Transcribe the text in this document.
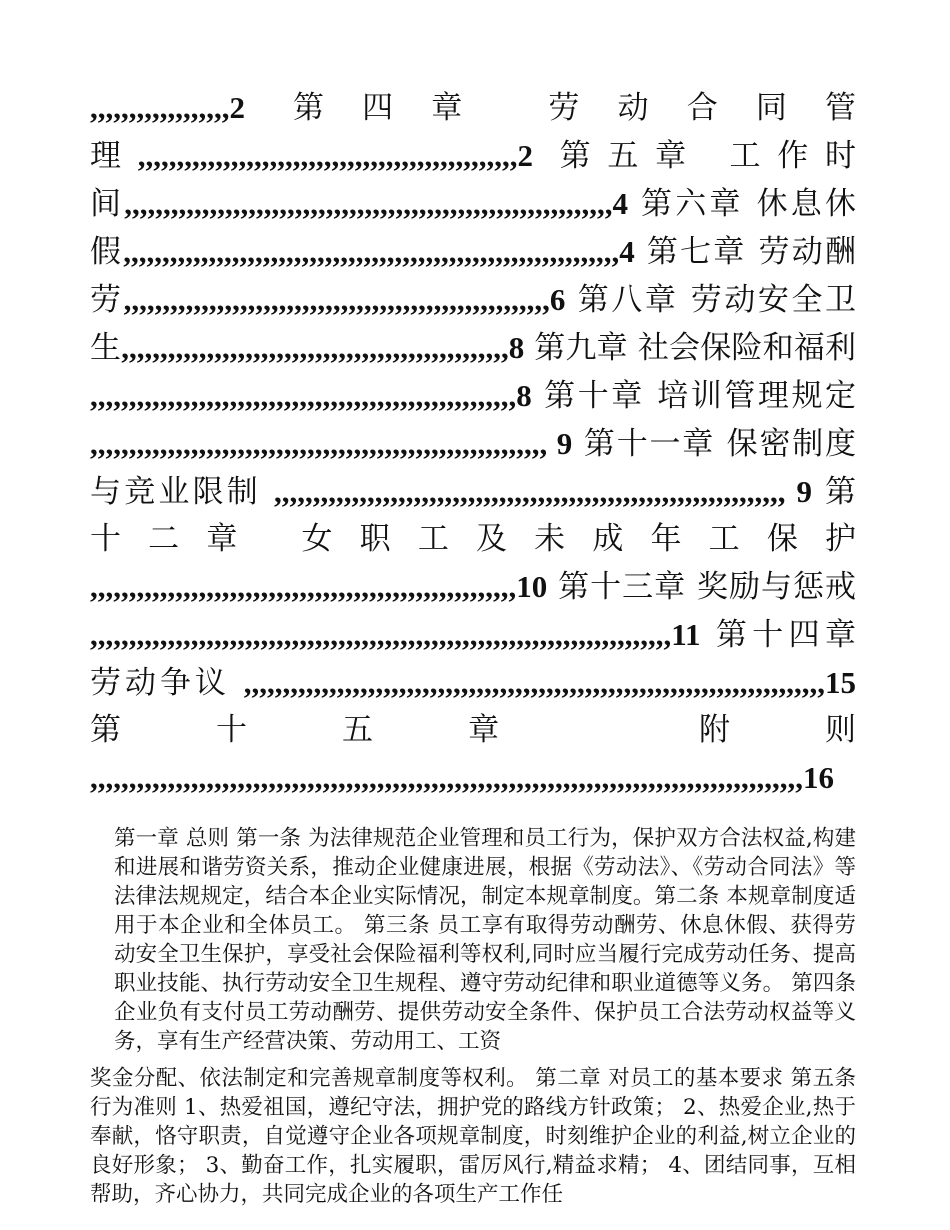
,,,,,,,,,,,,,,,,,,2 第四章 劳动合同管理,,,,,,,,,,,,,,,,,,,,,,,,,,,,,,,,,,,,,,,,,,,,,,,,,2 第五章 工作时间,,,,,,,,,,,,,,,,,,,,,,,,,,,,,,,,,,,,,,,,,,,,,,,,,,,,,,,,,,,,,,,4 第六章 休息休假,,,,,,,,,,,,,,,,,,,,,,,,,,,,,,,,,,,,,,,,,,,,,,,,,,,,,,,,,,,,,,,,4 第七章 劳动酬劳,,,,,,,,,,,,,,,,,,,,,,,,,,,,,,,,,,,,,,,,,,,,,,,,,,,,,,,6 第八章 劳动安全卫生,,,,,,,,,,,,,,,,,,,,,,,,,,,,,,,,,,,,,,,,,,,,,,,,,,8 第九章 社会保险和福利 ,,,,,,,,,,,,,,,,,,,,,,,,,,,,,,,,,,,,,,,,,,,,,,,,,,,,,,,8 第十章 培训管理规定 ,,,,,,,,,,,,,,,,,,,,,,,,,,,,,,,,,,,,,,,,,,,,,,,,,,,,,,,,,,, 9 第十一章 保密制度与竞业限制 ,,,,,,,,,,,,,,,,,,,,,,,,,,,,,,,,,,,,,,,,,,,,,,,,,,,,,,,,,,,,,,,,,, 9 第十二章 女职工及未成年工保护 ,,,,,,,,,,,,,,,,,,,,,,,,,,,,,,,,,,,,,,,,,,,,,,,,,,,,,,,10 第十三章 奖励与惩戒 ,,,,,,,,,,,,,,,,,,,,,,,,,,,,,,,,,,,,,,,,,,,,,,,,,,,,,,,,,,,,,,,,,,,,,,,,,,,11 第十四章 劳动争议 ,,,,,,,,,,,,,,,,,,,,,,,,,,,,,,,,,,,,,,,,,,,,,,,,,,,,,,,,,,,,,,,,,,,,,,,,,,,15 第十五章 附则 ,,,,,,,,,,,,,,,,,,,,,,,,,,,,,,,,,,,,,,,,,,,,,,,,,,,,,,,,,,,,,,,,,,,,,,,,,,,,,,,,,,,,,,,,,,,,16

第一章 总则 第一条 为法律规范企业管理和员工行为，保护双方合法权益,构建和进展和谐劳资关系，推动企业健康进展，根据《劳动法》、《劳动合同法》等法律法规规定，结合本企业实际情况，制定本规章制度。第二条 本规章制度适用于本企业和全体员工。 第三条 员工享有取得劳动酬劳、休息休假、获得劳动安全卫生保护，享受社会保险福利等权利,同时应当履行完成劳动任务、提高职业技能、执行劳动安全卫生规程、遵守劳动纪律和职业道德等义务。 第四条 企业负有支付员工劳动酬劳、提供劳动安全条件、保护员工合法劳动权益等义务，享有生产经营决策、劳动用工、工资

奖金分配、依法制定和完善规章制度等权利。 第二章 对员工的基本要求 第五条 行为准则 1、热爱祖国，遵纪守法，拥护党的路线方针政策； 2、热爱企业,热于奉献，恪守职责，自觉遵守企业各项规章制度，时刻维护企业的利益,树立企业的良好形象； 3、勤奋工作，扎实履职，雷厉风行,精益求精； 4、团结同事，互相帮助，齐心协力，共同完成企业的各项生产工作任
